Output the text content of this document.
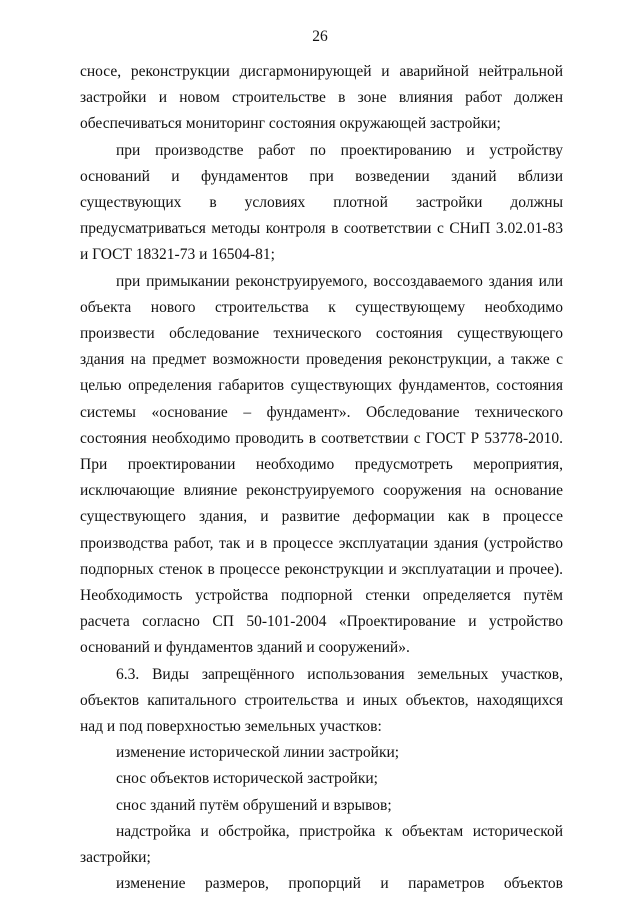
26

сносе, реконструкции дисгармонирующей и аварийной нейтральной застройки и новом строительстве в зоне влияния работ должен обеспечиваться мониторинг состояния окружающей застройки;

при производстве работ по проектированию и устройству оснований и фундаментов при возведении зданий вблизи существующих в условиях плотной застройки должны предусматриваться методы контроля в соответствии с СНиП 3.02.01-83 и ГОСТ 18321-73 и 16504-81;

при примыкании реконструируемого, воссоздаваемого здания или объекта нового строительства к существующему необходимо произвести обследование технического состояния существующего здания на предмет возможности проведения реконструкции, а также с целью определения габаритов существующих фундаментов, состояния системы «основание – фундамент». Обследование технического состояния необходимо проводить в соответствии с ГОСТ Р 53778-2010. При проектировании необходимо предусмотреть мероприятия, исключающие влияние реконструируемого сооружения на основание существующего здания, и развитие деформации как в процессе производства работ, так и в процессе эксплуатации здания (устройство подпорных стенок в процессе реконструкции и эксплуатации и прочее). Необходимость устройства подпорной стенки определяется путём расчета согласно СП 50-101-2004 «Проектирование и устройство оснований и фундаментов зданий и сооружений».

6.3. Виды запрещённого использования земельных участков, объектов капитального строительства и иных объектов, находящихся над и под поверхностью земельных участков:

изменение исторической линии застройки;

снос объектов исторической застройки;

снос зданий путём обрушений и взрывов;

надстройка и обстройка, пристройка к объектам исторической застройки;

изменение размеров, пропорций и параметров объектов
